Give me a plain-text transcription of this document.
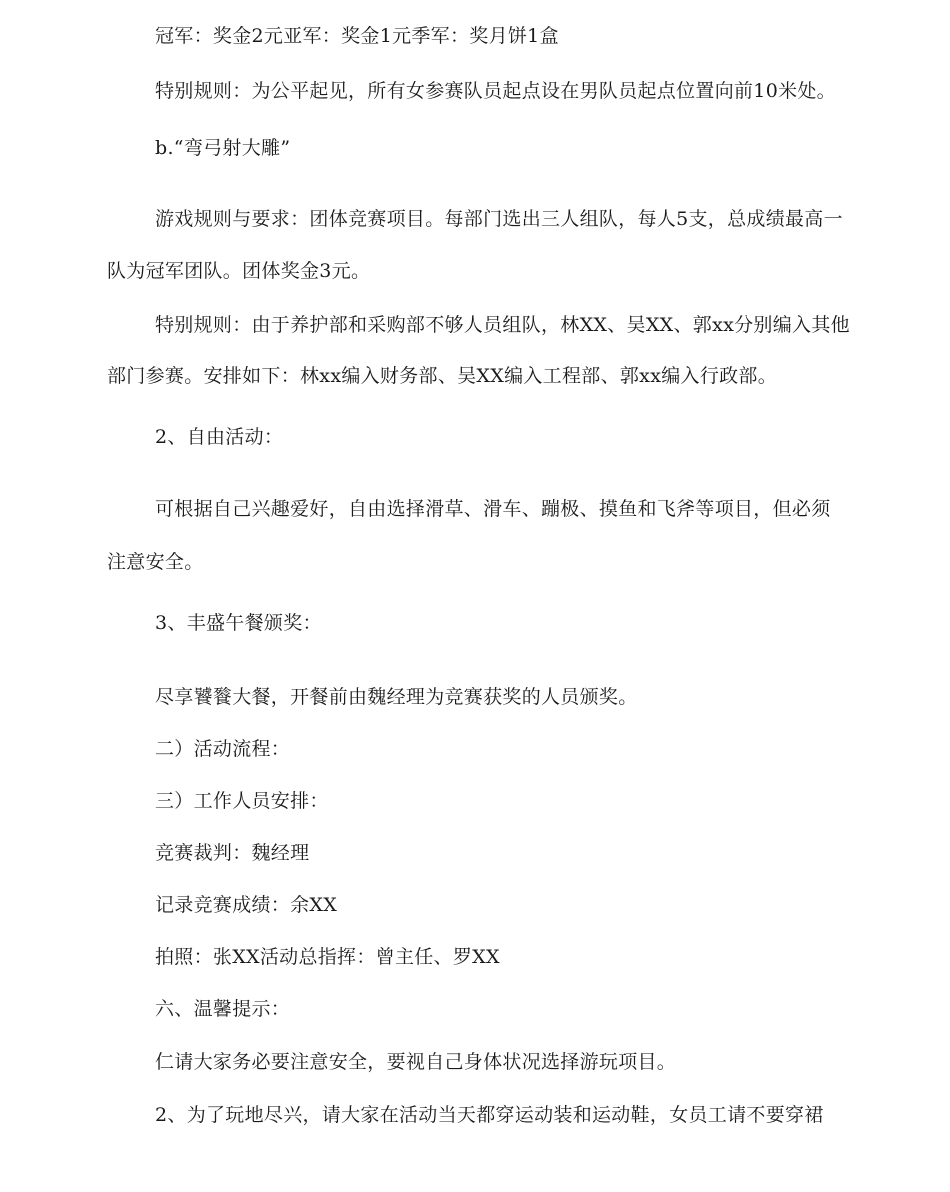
冠军：奖金2元亚军：奖金1元季军：奖月饼1盒
特别规则：为公平起见，所有女参赛队员起点设在男队员起点位置向前10米处。
b.“弯弓射大雕”
游戏规则与要求：团体竞赛项目。每部门选出三人组队，每人5支，总成绩最高一
队为冠军团队。团体奖金3元。
特别规则：由于养护部和采购部不够人员组队，林XX、吴XX、郭xx分别编入其他
部门参赛。安排如下：林xx编入财务部、吴XX编入工程部、郭xx编入行政部。
2、自由活动：
可根据自己兴趣爱好，自由选择滑草、滑车、蹦极、摸鱼和飞斧等项目，但必须
注意安全。
3、丰盛午餐颁奖：
尽享饕餮大餐，开餐前由魏经理为竞赛获奖的人员颁奖。
二）活动流程：
三）工作人员安排：
竞赛裁判：魏经理
记录竞赛成绩：余XX
拍照：张XX活动总指挥：曾主任、罗XX
六、温馨提示：
仁请大家务必要注意安全，要视自己身体状况选择游玩项目。
2、为了玩地尽兴，请大家在活动当天都穿运动装和运动鞋，女员工请不要穿裙
